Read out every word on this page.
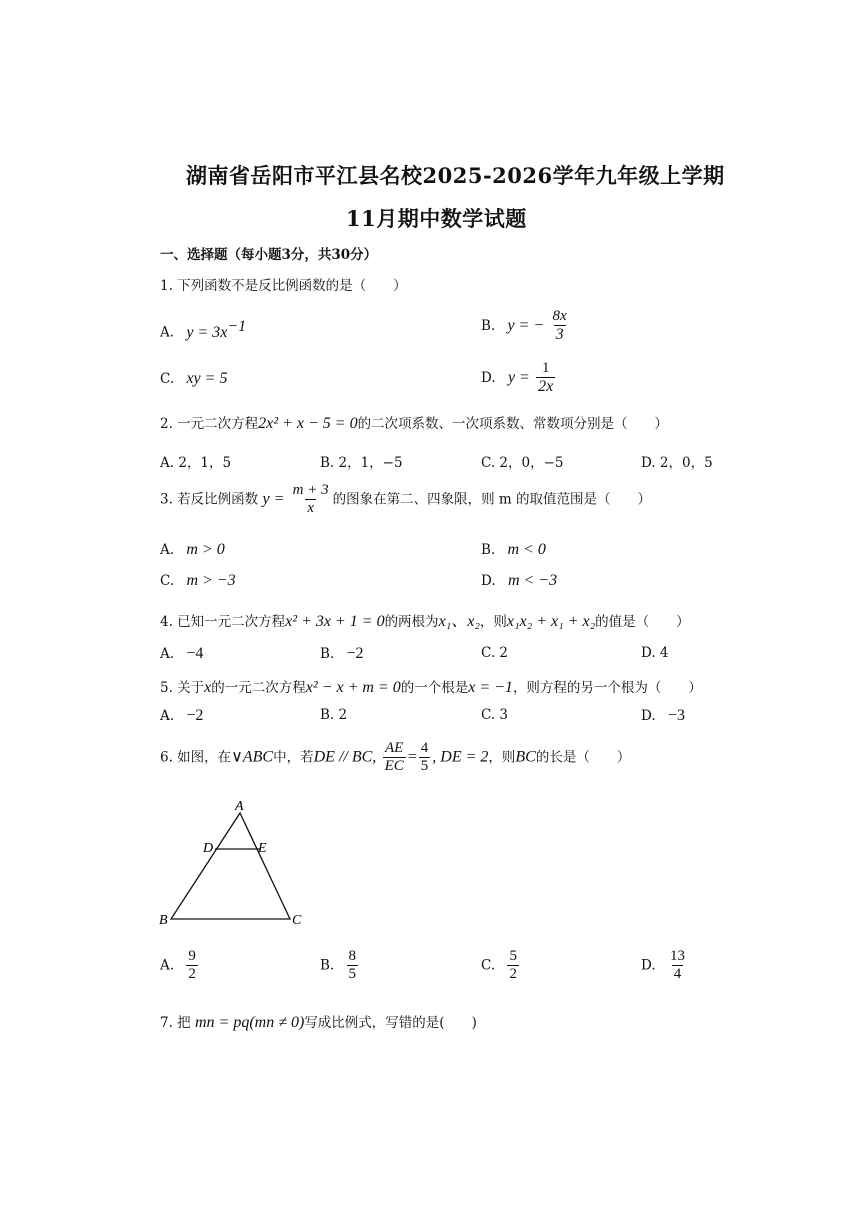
湖南省岳阳市平江县名校2025-2026学年九年级上学期
11月期中数学试题
一、选择题（每小题3分，共30分）
1. 下列函数不是反比例函数的是（　　）
A. $y = 3x^{-1}$	B. y = − $\frac{8x}{3}$
C. xy = 5	D. $y = \frac{1}{2x}$
2. 一元二次方程2x² + x − 5 = 0的二次项系数、一次项系数、常数项分别是（　　）
A. 2，1，5	B. 2，1，−5	C. 2，0，−5	D. 2，0，5
3. 若反比例函数 $y = \frac{m + 3}{x}$ 的图象在第二、四象限，则 m 的取值范围是（　　）
A. m > 0	B. m < 0
C. m > −3	D. m < −3
4. 已知一元二次方程x² + 3x + 1 = 0的两根为x₁、x₂，则x₁x₂ + x₁ + x₂的值是（　　）
A. −4	B. −2	C. 2	D. 4
5. 关于x的一元二次方程x² − x + m = 0的一个根是x = −1，则方程的另一个根为（　　）
A. −2	B. 2	C. 3	D. −3
6. 如图，在∨ABC中，若DE // BC, $\frac{AE}{EC} = \frac{4}{5}$ , DE = 2，则BC的长是（　　）
A
D	E
B	C
A. $\frac{9}{2}$	B. $\frac{8}{5}$	C. $\frac{5}{2}$	D. $\frac{13}{4}$
7. 把 mn = pq(mn ≠ 0)写成比例式，写错的是(　　)
